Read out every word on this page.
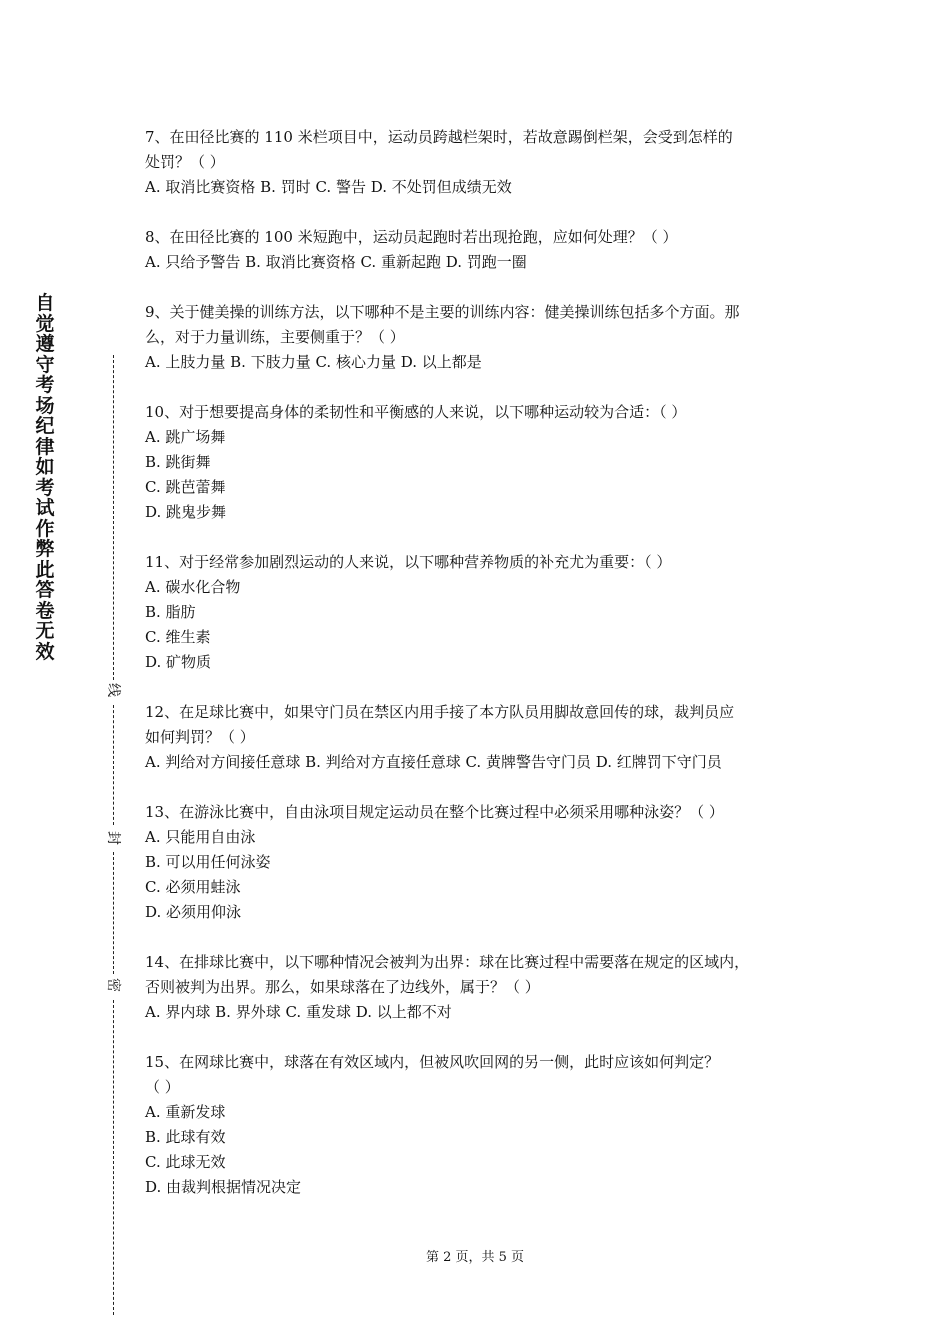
自觉遵守考场纪律如考试作弊此答卷无效
线
封
密
7、在田径比赛的 110 米栏项目中，运动员跨越栏架时，若故意踢倒栏架，会受到怎样的
处罚？（ ）
A. 取消比赛资格 B. 罚时 C. 警告 D. 不处罚但成绩无效
8、在田径比赛的 100 米短跑中，运动员起跑时若出现抢跑，应如何处理？（ ）
A. 只给予警告 B. 取消比赛资格 C. 重新起跑 D. 罚跑一圈
9、关于健美操的训练方法，以下哪种不是主要的训练内容：健美操训练包括多个方面。那
么，对于力量训练，主要侧重于？（ ）
A. 上肢力量 B. 下肢力量 C. 核心力量 D. 以上都是
10、对于想要提高身体的柔韧性和平衡感的人来说，以下哪种运动较为合适：（ ）
A. 跳广场舞
B. 跳街舞
C. 跳芭蕾舞
D. 跳鬼步舞
11、对于经常参加剧烈运动的人来说，以下哪种营养物质的补充尤为重要：（ ）
A. 碳水化合物
B. 脂肪
C. 维生素
D. 矿物质
12、在足球比赛中，如果守门员在禁区内用手接了本方队员用脚故意回传的球，裁判员应
如何判罚？（ ）
A. 判给对方间接任意球 B. 判给对方直接任意球 C. 黄牌警告守门员 D. 红牌罚下守门员
13、在游泳比赛中，自由泳项目规定运动员在整个比赛过程中必须采用哪种泳姿？（ ）
A. 只能用自由泳
B. 可以用任何泳姿
C. 必须用蛙泳
D. 必须用仰泳
14、在排球比赛中，以下哪种情况会被判为出界：球在比赛过程中需要落在规定的区域内，
否则被判为出界。那么，如果球落在了边线外，属于？（ ）
A. 界内球 B. 界外球 C. 重发球 D. 以上都不对
15、在网球比赛中，球落在有效区域内，但被风吹回网的另一侧，此时应该如何判定？
（ ）
A. 重新发球
B. 此球有效
C. 此球无效
D. 由裁判根据情况决定
第 2 页，共 5 页
